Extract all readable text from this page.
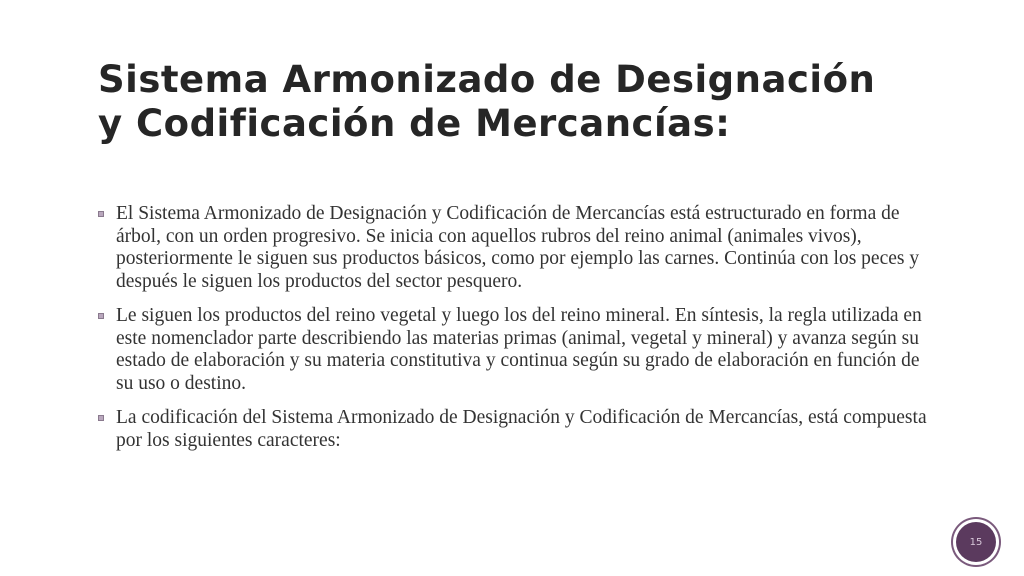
Sistema Armonizado de Designación
y Codificación de Mercancías:
El Sistema Armonizado de Designación y Codificación de Mercancías está estructurado en forma de árbol, con un orden progresivo. Se inicia con aquellos rubros del reino animal (animales vivos), posteriormente le siguen sus productos básicos, como por ejemplo las carnes. Continúa con los peces y después le siguen los productos del sector pesquero.
Le siguen los productos del reino vegetal y luego los del reino mineral. En síntesis, la regla utilizada en este nomenclador parte describiendo las materias primas (animal, vegetal y mineral) y avanza según su estado de elaboración y su materia constitutiva y continua según su grado de elaboración en función de su uso o destino.
La codificación del Sistema Armonizado de Designación y Codificación de Mercancías, está compuesta por los siguientes caracteres:
15
